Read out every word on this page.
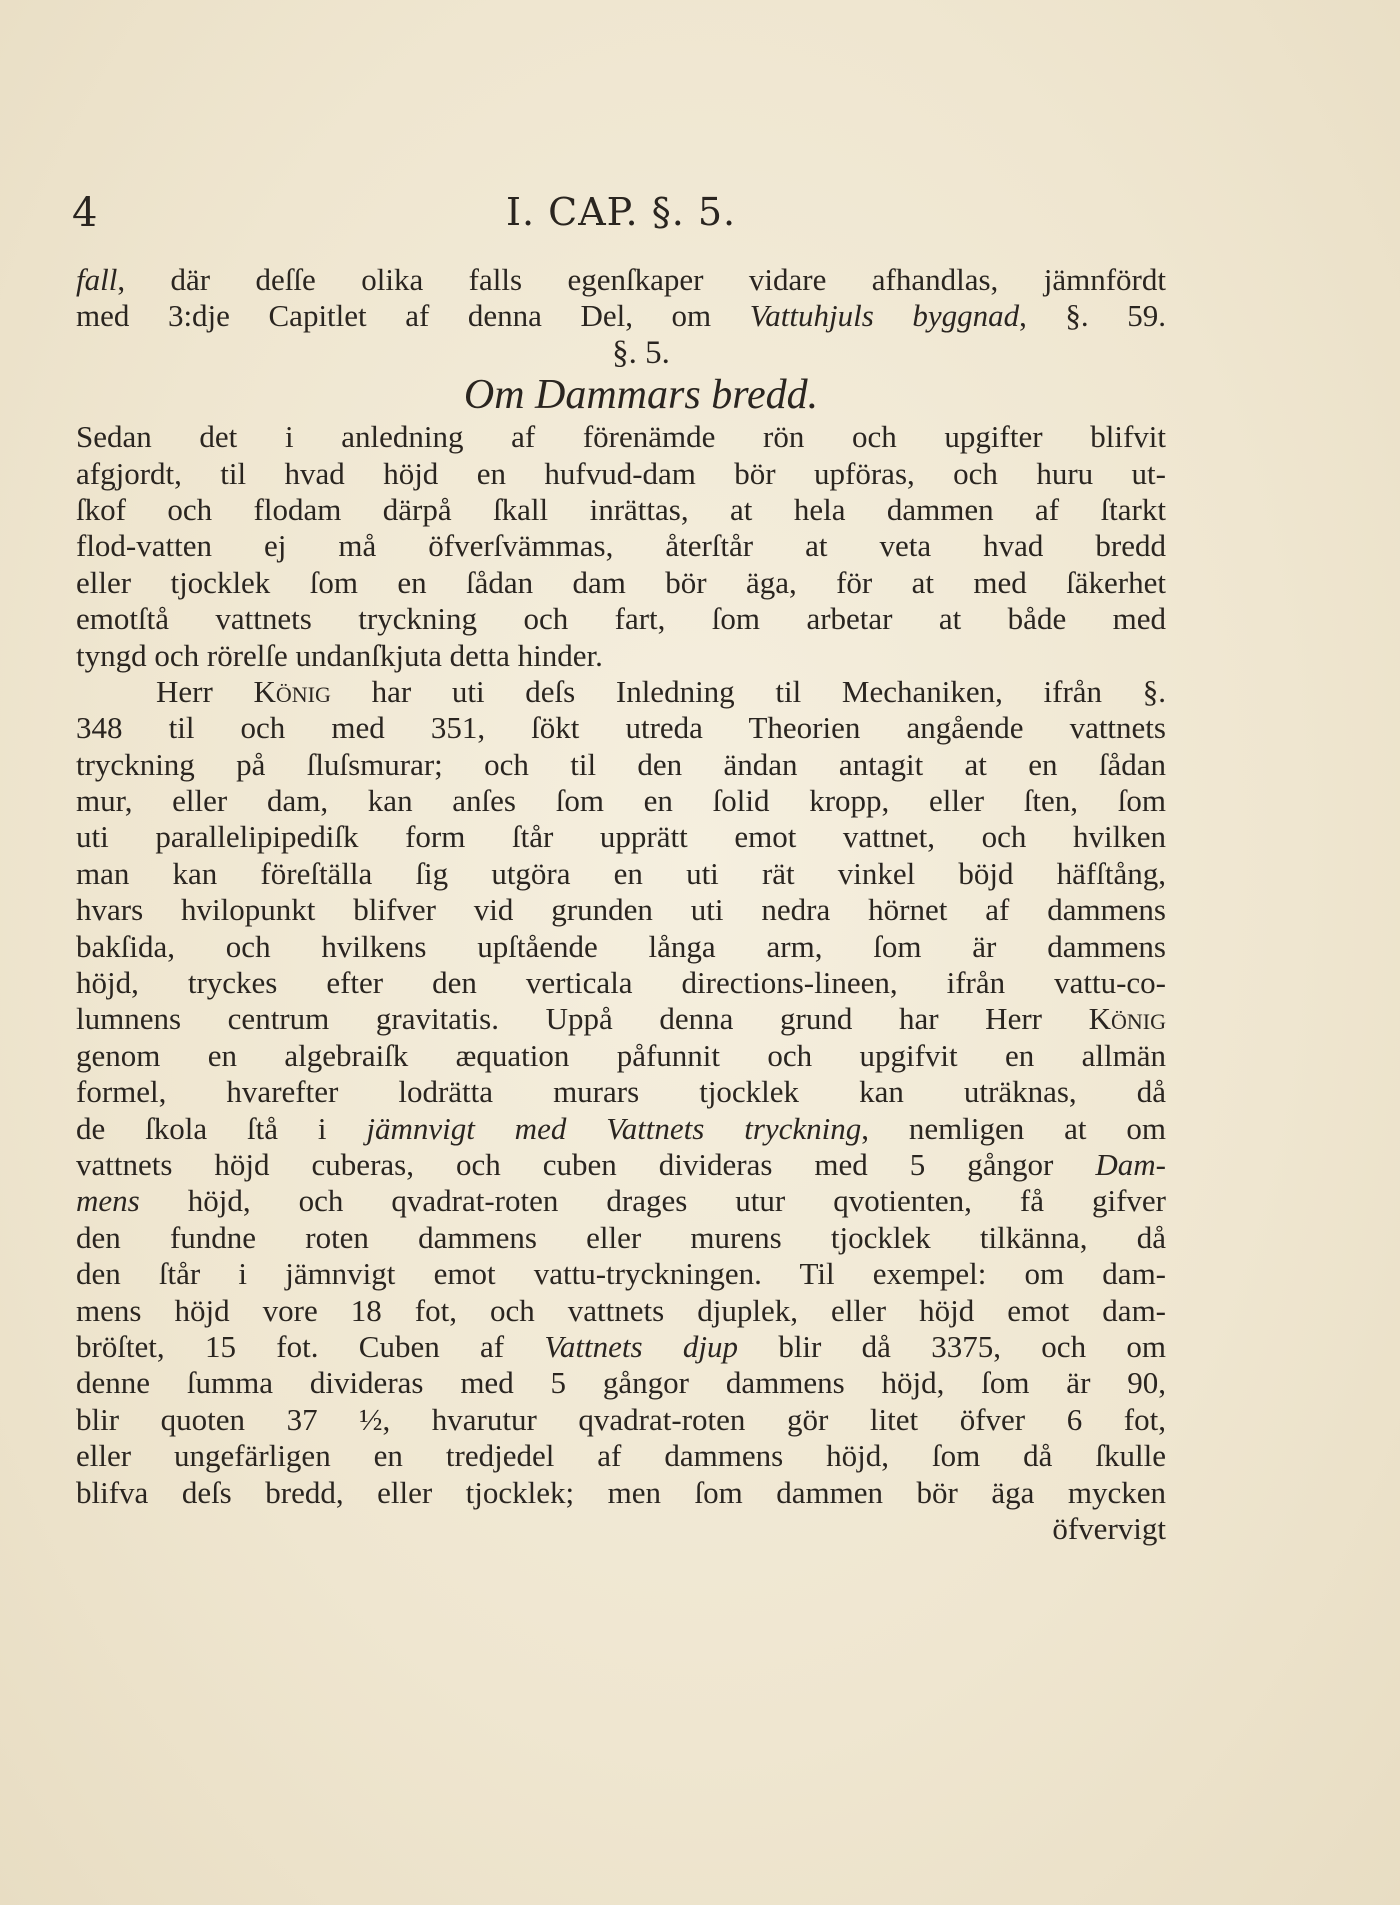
4	I. CAP. §. 5.
fall, där deſſe olika falls egenſkaper vidare afhandlas, jämnfördt
med 3:dje Capitlet af denna Del, om Vattuhjuls byggnad, §. 59.
§. 5.
Om Dammars bredd.
Sedan det i anledning af förenämde rön och upgifter blifvit
afgjordt, til hvad höjd en hufvud-dam bör upföras, och huru ut-
ſkof och flodam därpå ſkall inrättas, at hela dammen af ſtarkt
flod-vatten ej må öfverſvämmas, återſtår at veta hvad bredd
eller tjocklek ſom en ſådan dam bör äga, för at med ſäkerhet
emotſtå vattnets tryckning och fart, ſom arbetar at både med
tyngd och rörelſe undanſkjuta detta hinder.
Herr König har uti deſs Inledning til Mechaniken, ifrån §.
348 til och med 351, ſökt utreda Theorien angående vattnets
tryckning på ſluſsmurar; och til den ändan antagit at en ſådan
mur, eller dam, kan anſes ſom en ſolid kropp, eller ſten, ſom
uti parallelipipediſk form ſtår upprätt emot vattnet, och hvilken
man kan föreſtälla ſig utgöra en uti rät vinkel böjd häfſtång,
hvars hvilopunkt blifver vid grunden uti nedra hörnet af dammens
bakſida, och hvilkens upſtående långa arm, ſom är dammens
höjd, tryckes efter den verticala directions-lineen, ifrån vattu-co-
lumnens centrum gravitatis. Uppå denna grund har Herr König
genom en algebraiſk æquation påfunnit och upgifvit en allmän
formel, hvarefter lodrätta murars tjocklek kan uträknas, då
de ſkola ſtå i jämnvigt med Vattnets tryckning, nemligen at om
vattnets höjd cuberas, och cuben divideras med 5 gångor Dam-
mens höjd, och qvadrat-roten drages utur qvotienten, få gifver
den fundne roten dammens eller murens tjocklek tilkänna, då
den ſtår i jämnvigt emot vattu-tryckningen. Til exempel: om dam-
mens höjd vore 18 fot, och vattnets djuplek, eller höjd emot dam-
bröſtet, 15 fot. Cuben af Vattnets djup blir då 3375, och om
denne ſumma divideras med 5 gångor dammens höjd, ſom är 90,
blir quoten 37 ½, hvarutur qvadrat-roten gör litet öfver 6 fot,
eller ungefärligen en tredjedel af dammens höjd, ſom då ſkulle
blifva deſs bredd, eller tjocklek; men ſom dammen bör äga mycken
öfvervigt
